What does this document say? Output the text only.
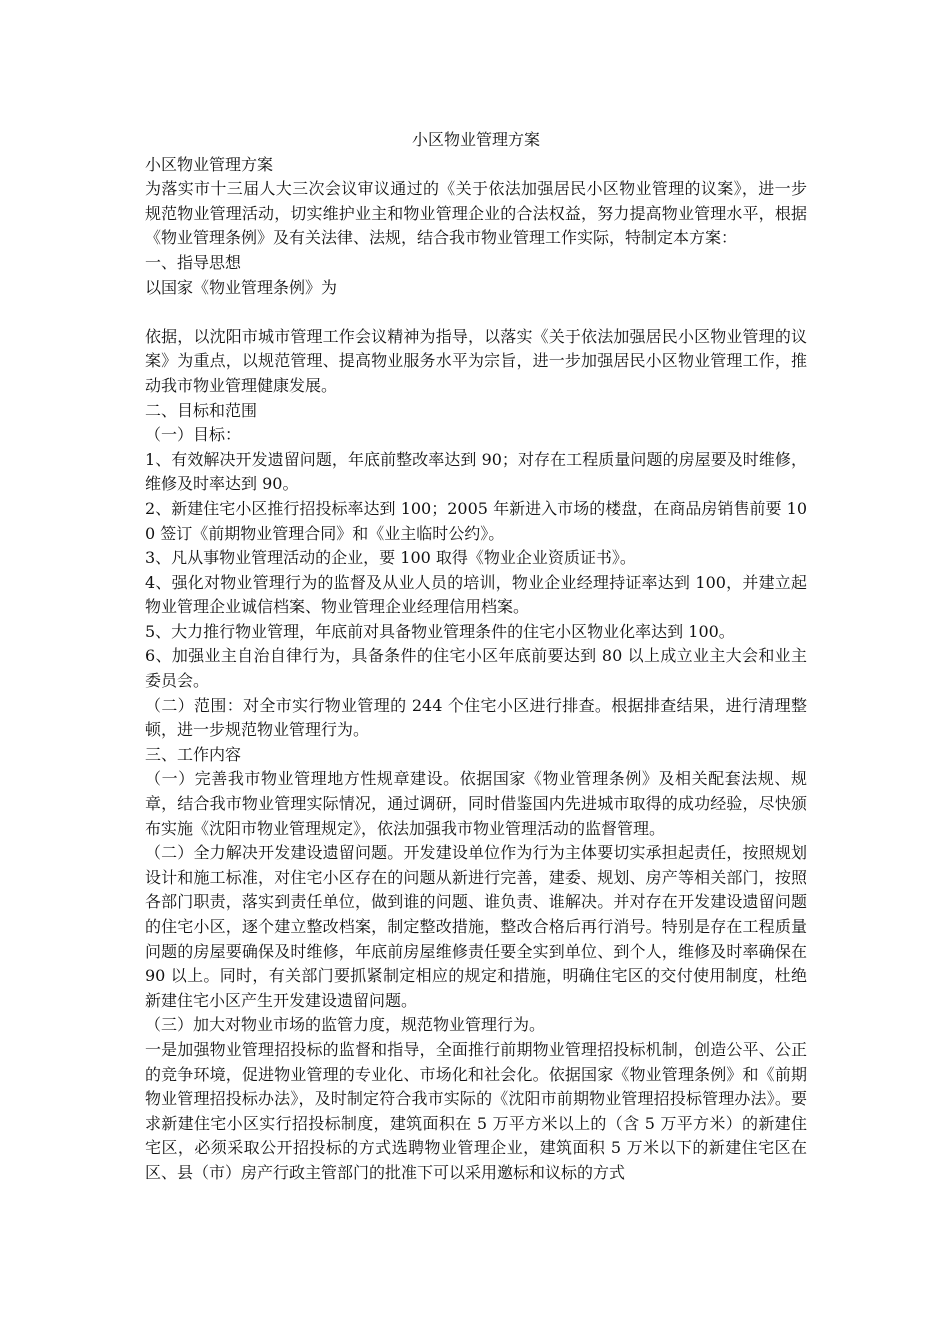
小区物业管理方案

小区物业管理方案

为落实市十三届人大三次会议审议通过的《关于依法加强居民小区物业管理的议案》，进一步规范物业管理活动，切实维护业主和物业管理企业的合法权益，努力提高物业管理水平，根据《物业管理条例》及有关法律、法规，结合我市物业管理工作实际，特制定本方案：

一、指导思想

以国家《物业管理条例》为

依据，以沈阳市城市管理工作会议精神为指导，以落实《关于依法加强居民小区物业管理的议案》为重点，以规范管理、提高物业服务水平为宗旨，进一步加强居民小区物业管理工作，推动我市物业管理健康发展。

二、目标和范围

（一）目标：

1、有效解决开发遗留问题，年底前整改率达到 90；对存在工程质量问题的房屋要及时维修，维修及时率达到 90。

2、新建住宅小区推行招投标率达到 100；2005 年新进入市场的楼盘，在商品房销售前要 100 签订《前期物业管理合同》和《业主临时公约》。

3、凡从事物业管理活动的企业，要 100 取得《物业企业资质证书》。

4、强化对物业管理行为的监督及从业人员的培训，物业企业经理持证率达到 100，并建立起物业管理企业诚信档案、物业管理企业经理信用档案。

5、大力推行物业管理，年底前对具备物业管理条件的住宅小区物业化率达到 100。

6、加强业主自治自律行为，具备条件的住宅小区年底前要达到 80 以上成立业主大会和业主委员会。

（二）范围：对全市实行物业管理的 244 个住宅小区进行排查。根据排查结果，进行清理整顿，进一步规范物业管理行为。

三、工作内容

（一）完善我市物业管理地方性规章建设。依据国家《物业管理条例》及相关配套法规、规章，结合我市物业管理实际情况，通过调研，同时借鉴国内先进城市取得的成功经验，尽快颁布实施《沈阳市物业管理规定》，依法加强我市物业管理活动的监督管理。

（二）全力解决开发建设遗留问题。开发建设单位作为行为主体要切实承担起责任，按照规划设计和施工标准，对住宅小区存在的问题从新进行完善，建委、规划、房产等相关部门，按照各部门职责，落实到责任单位，做到谁的问题、谁负责、谁解决。并对存在开发建设遗留问题的住宅小区，逐个建立整改档案，制定整改措施，整改合格后再行消号。特别是存在工程质量问题的房屋要确保及时维修，年底前房屋维修责任要全实到单位、到个人，维修及时率确保在 90 以上。同时，有关部门要抓紧制定相应的规定和措施，明确住宅区的交付使用制度，杜绝新建住宅小区产生开发建设遗留问题。

（三）加大对物业市场的监管力度，规范物业管理行为。

一是加强物业管理招投标的监督和指导，全面推行前期物业管理招投标机制，创造公平、公正的竞争环境，促进物业管理的专业化、市场化和社会化。依据国家《物业管理条例》和《前期物业管理招投标办法》，及时制定符合我市实际的《沈阳市前期物业管理招投标管理办法》。要求新建住宅小区实行招投标制度，建筑面积在 5 万平方米以上的（含 5 万平方米）的新建住宅区，必须采取公开招投标的方式选聘物业管理企业，建筑面积 5 万米以下的新建住宅区在区、县（市）房产行政主管部门的批准下可以采用邀标和议标的方式
